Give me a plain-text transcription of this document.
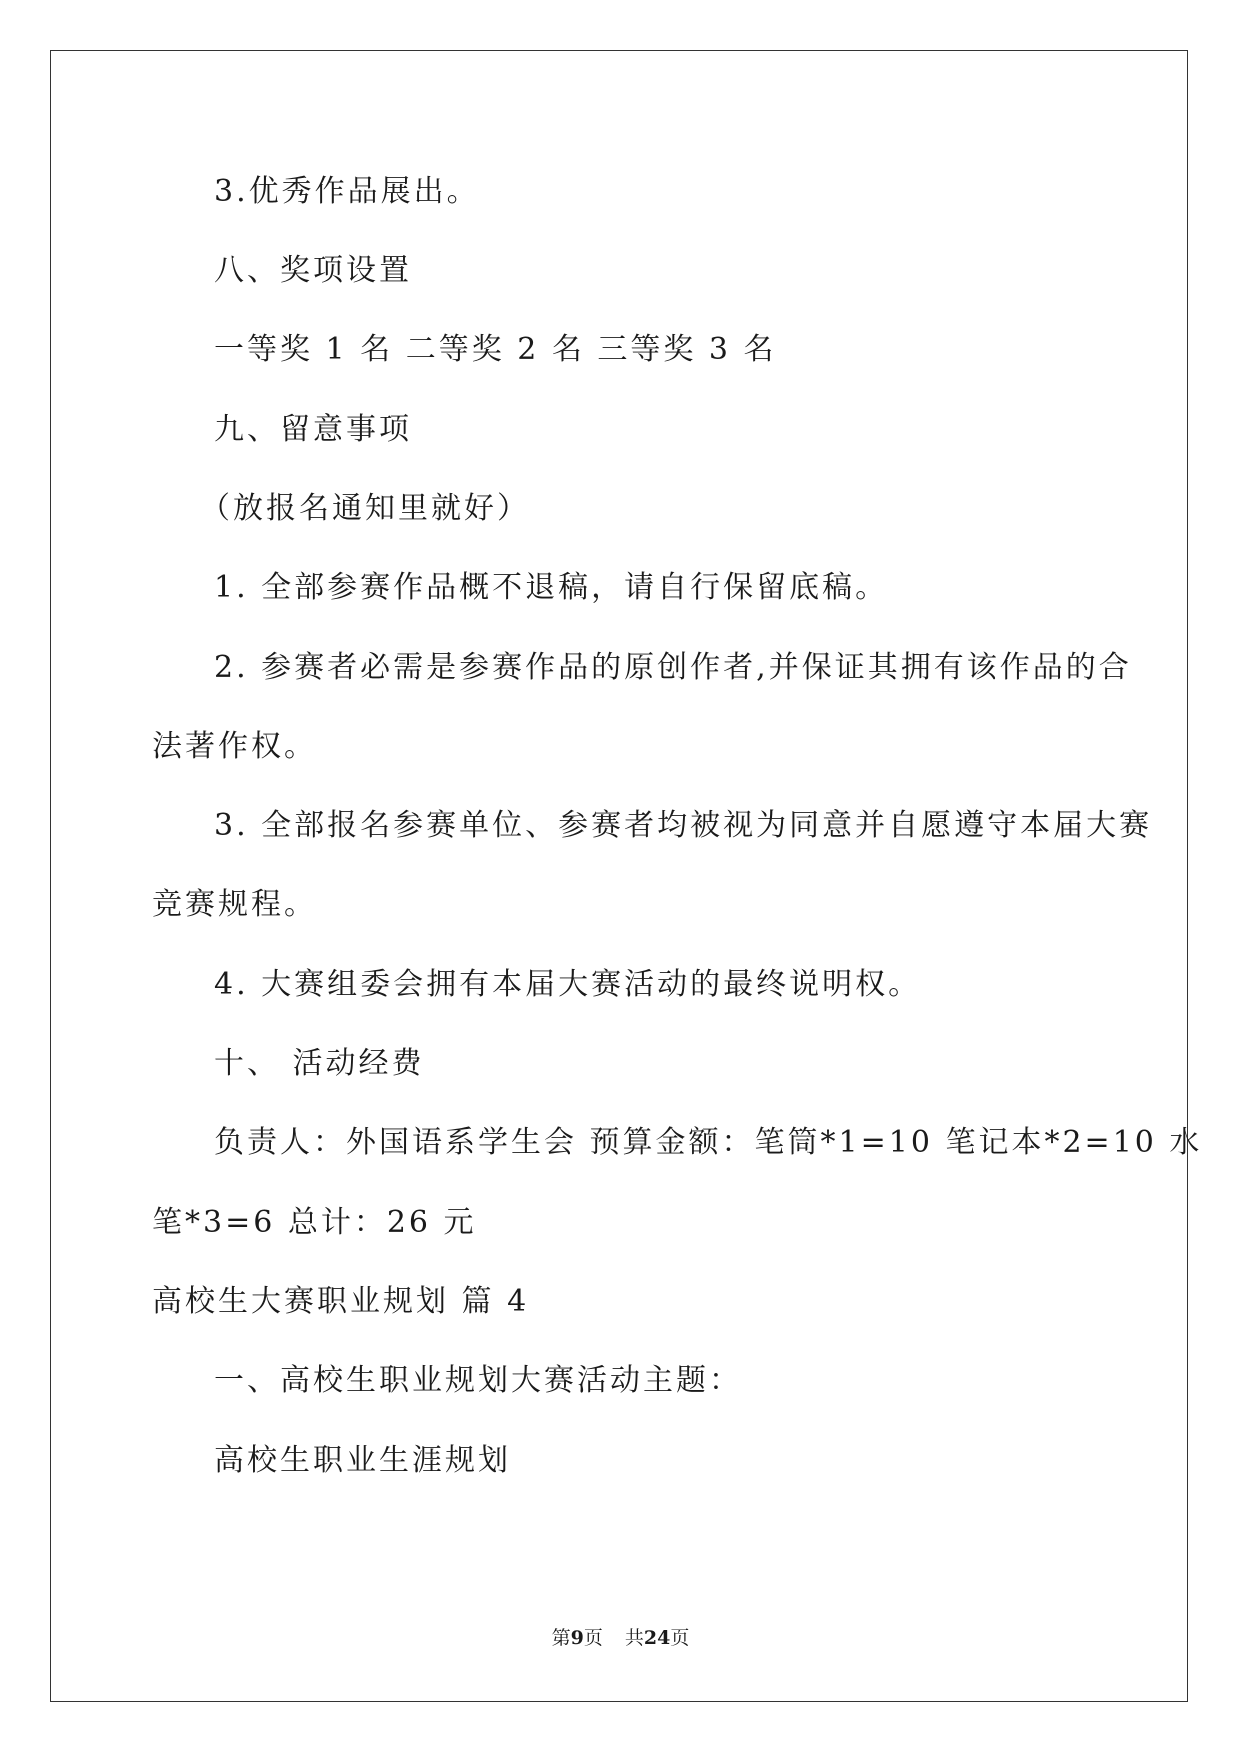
3.优秀作品展出。
八、奖项设置
一等奖 1 名 二等奖 2 名 三等奖 3 名
九、留意事项
（放报名通知里就好）
1. 全部参赛作品概不退稿，请自行保留底稿。
2. 参赛者必需是参赛作品的原创作者,并保证其拥有该作品的合
法著作权。
3. 全部报名参赛单位、参赛者均被视为同意并自愿遵守本届大赛
竞赛规程。
4. 大赛组委会拥有本届大赛活动的最终说明权。
十、 活动经费
负责人：外国语系学生会 预算金额：笔筒*1=10 笔记本*2=10 水
笔*3=6 总计：26 元
高校生大赛职业规划 篇 4
一、高校生职业规划大赛活动主题：
高校生职业生涯规划
第9页 共24页
